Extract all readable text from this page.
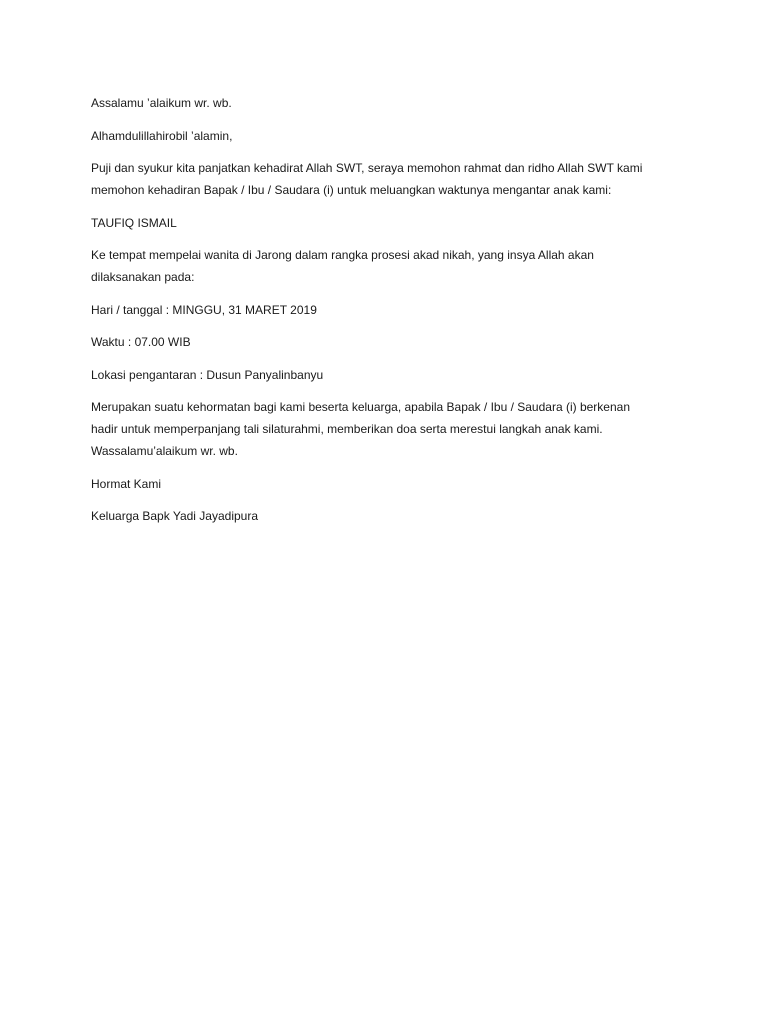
Assalamu ’alaikum wr. wb.

Alhamdulillahirobil ’alamin,

Puji dan syukur kita panjatkan kehadirat Allah SWT, seraya memohon rahmat dan ridho Allah SWT kami
memohon kehadiran Bapak / Ibu / Saudara (i) untuk meluangkan waktunya mengantar anak kami:

TAUFIQ ISMAIL

Ke tempat mempelai wanita di Jarong dalam rangka prosesi akad nikah, yang insya Allah akan
dilaksanakan pada:

Hari / tanggal : MINGGU, 31 MARET 2019

Waktu : 07.00 WIB

Lokasi pengantaran : Dusun Panyalinbanyu

Merupakan suatu kehormatan bagi kami beserta keluarga, apabila Bapak / Ibu / Saudara (i) berkenan
hadir untuk memperpanjang tali silaturahmi, memberikan doa serta merestui langkah anak kami.
Wassalamu’alaikum wr. wb.

Hormat Kami

Keluarga Bapk Yadi Jayadipura
